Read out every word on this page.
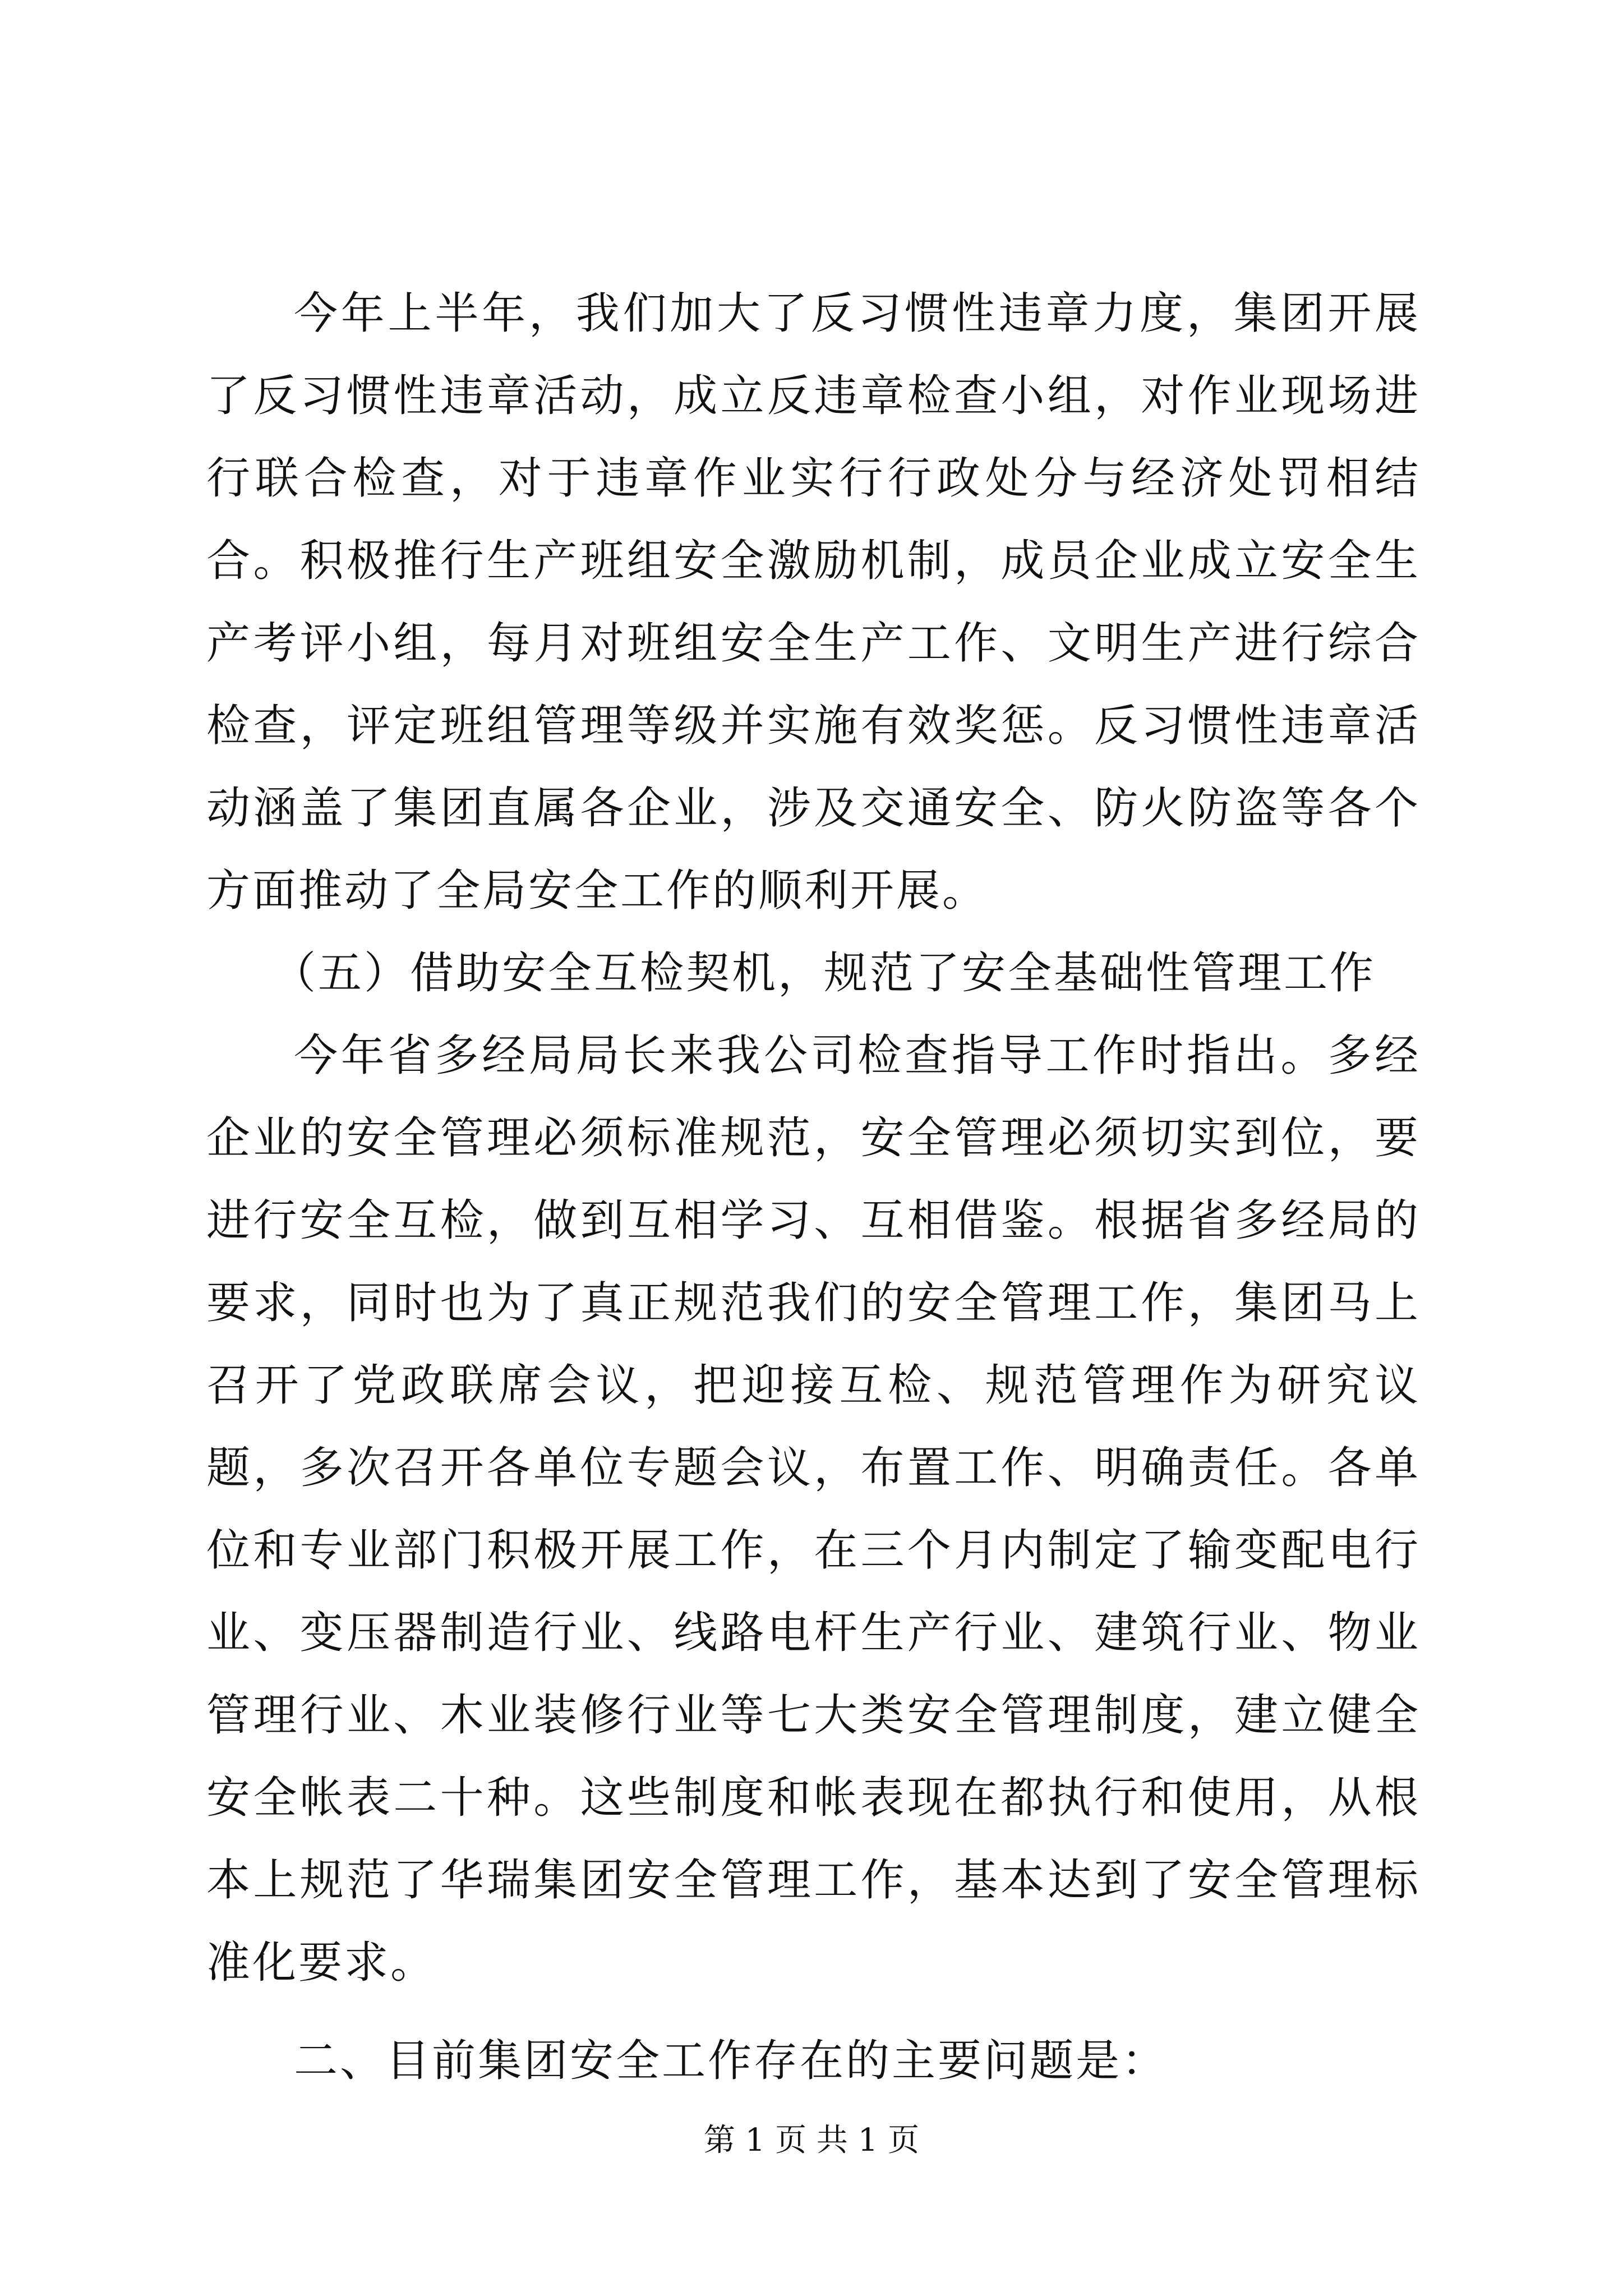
今年上半年，我们加大了反习惯性违章力度，集团开展了反习惯性违章活动，成立反违章检查小组，对作业现场进行联合检查，对于违章作业实行行政处分与经济处罚相结合。积极推行生产班组安全激励机制，成员企业成立安全生产考评小组，每月对班组安全生产工作、文明生产进行综合检查，评定班组管理等级并实施有效奖惩。反习惯性违章活动涵盖了集团直属各企业，涉及交通安全、防火防盗等各个方面推动了全局安全工作的顺利开展。

（五）借助安全互检契机，规范了安全基础性管理工作

今年省多经局局长来我公司检查指导工作时指出。多经企业的安全管理必须标准规范，安全管理必须切实到位，要进行安全互检，做到互相学习、互相借鉴。根据省多经局的要求，同时也为了真正规范我们的安全管理工作，集团马上召开了党政联席会议，把迎接互检、规范管理作为研究议题，多次召开各单位专题会议，布置工作、明确责任。各单位和专业部门积极开展工作，在三个月内制定了输变配电行业、变压器制造行业、线路电杆生产行业、建筑行业、物业管理行业、木业装修行业等七大类安全管理制度，建立健全安全帐表二十种。这些制度和帐表现在都执行和使用，从根本上规范了华瑞集团安全管理工作，基本达到了安全管理标准化要求。

二、目前集团安全工作存在的主要问题是：

第 1 页 共 1 页
